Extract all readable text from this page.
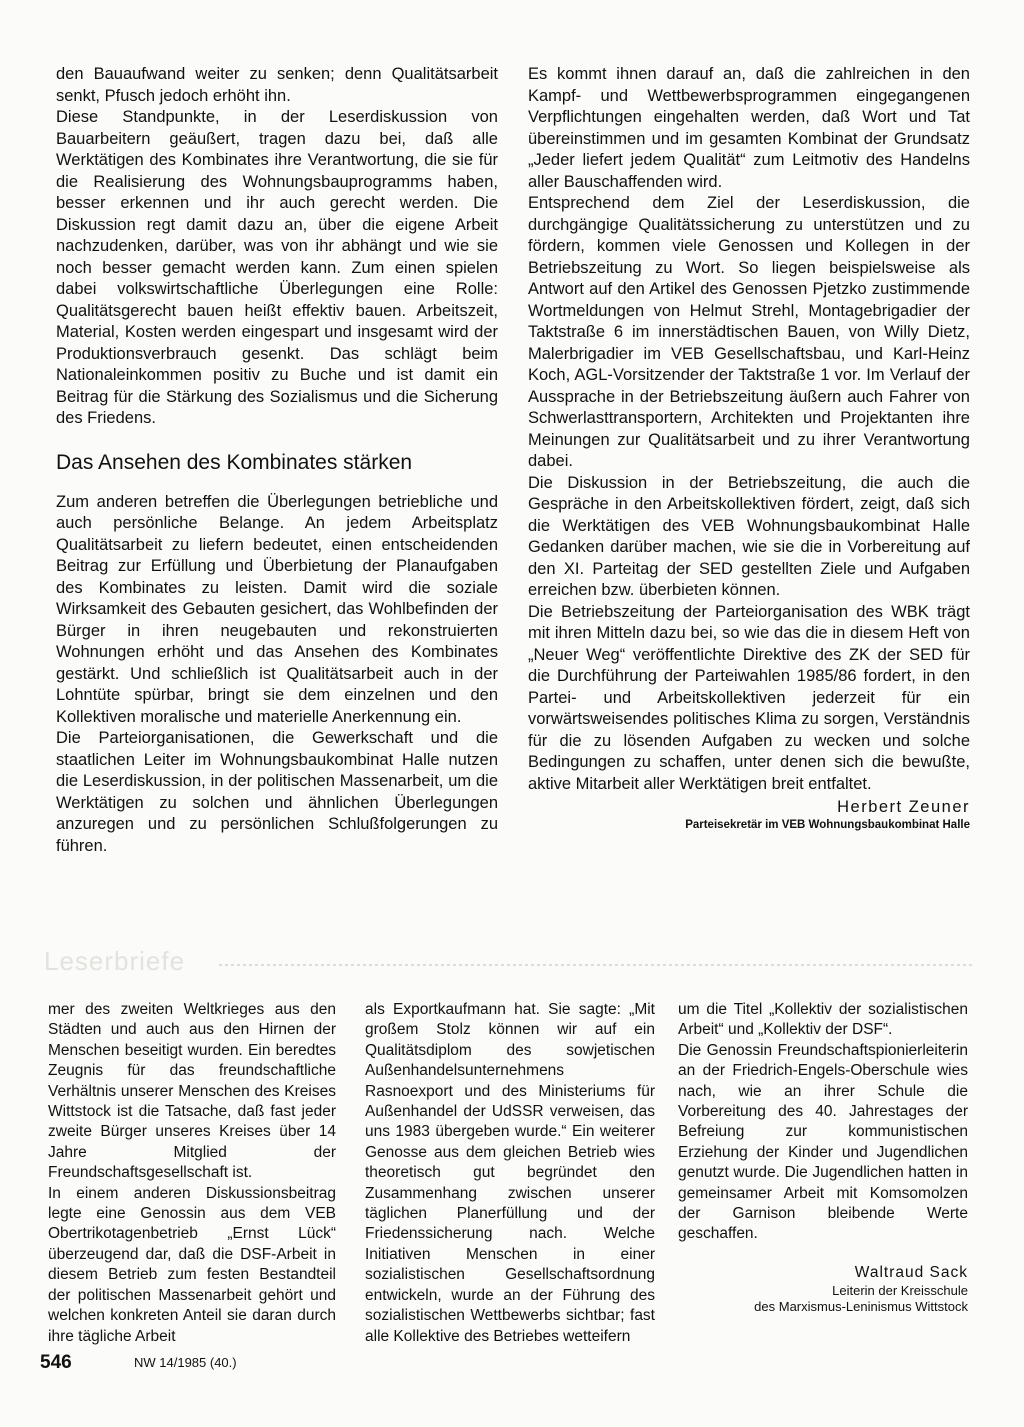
den Bauaufwand weiter zu senken; denn Qualitätsarbeit senkt, Pfusch jedoch erhöht ihn.

Diese Standpunkte, in der Leserdiskussion von Bauarbeitern geäußert, tragen dazu bei, daß alle Werktätigen des Kombinates ihre Verantwortung, die sie für die Realisierung des Wohnungsbauprogramms haben, besser erkennen und ihr auch gerecht werden. Die Diskussion regt damit dazu an, über die eigene Arbeit nachzudenken, darüber, was von ihr abhängt und wie sie noch besser gemacht werden kann. Zum einen spielen dabei volkswirtschaftliche Überlegungen eine Rolle: Qualitätsgerecht bauen heißt effektiv bauen. Arbeitszeit, Material, Kosten werden eingespart und insgesamt wird der Produktionsverbrauch gesenkt. Das schlägt beim Nationaleinkommen positiv zu Buche und ist damit ein Beitrag für die Stärkung des Sozialismus und die Sicherung des Friedens.

Das Ansehen des Kombinates stärken

Zum anderen betreffen die Überlegungen betriebliche und auch persönliche Belange. An jedem Arbeitsplatz Qualitätsarbeit zu liefern bedeutet, einen entscheidenden Beitrag zur Erfüllung und Überbietung der Planaufgaben des Kombinates zu leisten. Damit wird die soziale Wirksamkeit des Gebauten gesichert, das Wohlbefinden der Bürger in ihren neugebauten und rekonstruierten Wohnungen erhöht und das Ansehen des Kombinates gestärkt. Und schließlich ist Qualitätsarbeit auch in der Lohntüte spürbar, bringt sie dem einzelnen und den Kollektiven moralische und materielle Anerkennung ein.

Die Parteiorganisationen, die Gewerkschaft und die staatlichen Leiter im Wohnungsbaukombinat Halle nutzen die Leserdiskussion, in der politischen Massenarbeit, um die Werktätigen zu solchen und ähnlichen Überlegungen anzuregen und zu persönlichen Schlußfolgerungen zu führen.

Es kommt ihnen darauf an, daß die zahlreichen in den Kampf- und Wettbewerbsprogrammen eingegangenen Verpflichtungen eingehalten werden, daß Wort und Tat übereinstimmen und im gesamten Kombinat der Grundsatz „Jeder liefert jedem Qualität“ zum Leitmotiv des Handelns aller Bauschaffenden wird.

Entsprechend dem Ziel der Leserdiskussion, die durchgängige Qualitätssicherung zu unterstützen und zu fördern, kommen viele Genossen und Kollegen in der Betriebszeitung zu Wort. So liegen beispielsweise als Antwort auf den Artikel des Genossen Pjetzko zustimmende Wortmeldungen von Helmut Strehl, Montagebrigadier der Taktstraße 6 im innerstädtischen Bauen, von Willy Dietz, Malerbrigadier im VEB Gesellschaftsbau, und Karl-Heinz Koch, AGL-Vorsitzender der Taktstraße 1 vor. Im Verlauf der Aussprache in der Betriebszeitung äußern auch Fahrer von Schwerlasttransportern, Architekten und Projektanten ihre Meinungen zur Qualitätsarbeit und zu ihrer Verantwortung dabei.

Die Diskussion in der Betriebszeitung, die auch die Gespräche in den Arbeitskollektiven fördert, zeigt, daß sich die Werktätigen des VEB Wohnungsbaukombinat Halle Gedanken darüber machen, wie sie die in Vorbereitung auf den XI. Parteitag der SED gestellten Ziele und Aufgaben erreichen bzw. überbieten können.

Die Betriebszeitung der Parteiorganisation des WBK trägt mit ihren Mitteln dazu bei, so wie das die in diesem Heft von „Neuer Weg“ veröffentlichte Direktive des ZK der SED für die Durchführung der Parteiwahlen 1985/86 fordert, in den Partei- und Arbeitskollektiven jederzeit für ein vorwärtsweisendes politisches Klima zu sorgen, Verständnis für die zu lösenden Aufgaben zu wecken und solche Bedingungen zu schaffen, unter denen sich die bewußte, aktive Mitarbeit aller Werktätigen breit entfaltet.

Herbert Zeuner
Parteisekretär im VEB Wohnungsbaukombinat Halle
Leserbriefe

mer des zweiten Weltkrieges aus den Städten und auch aus den Hirnen der Menschen beseitigt wurden. Ein beredtes Zeugnis für das freundschaftliche Verhältnis unserer Menschen des Kreises Wittstock ist die Tatsache, daß fast jeder zweite Bürger unseres Kreises über 14 Jahre Mitglied der Freundschaftsgesellschaft ist.

In einem anderen Diskussionsbeitrag legte eine Genossin aus dem VEB Obertrikotagenbetrieb „Ernst Lück“ überzeugend dar, daß die DSF-Arbeit in diesem Betrieb zum festen Bestandteil der politischen Massenarbeit gehört und welchen konkreten Anteil sie daran durch ihre tägliche Arbeit

als Exportkaufmann hat. Sie sagte: „Mit großem Stolz können wir auf ein Qualitätsdiplom des sowjetischen Außenhandelsunternehmens Rasnoexport und des Ministeriums für Außenhandel der UdSSR verweisen, das uns 1983 übergeben wurde.“ Ein weiterer Genosse aus dem gleichen Betrieb wies theoretisch gut begründet den Zusammenhang zwischen unserer täglichen Planerfüllung und der Friedenssicherung nach. Welche Initiativen Menschen in einer sozialistischen Gesellschaftsordnung entwickeln, wurde an der Führung des sozialistischen Wettbewerbs sichtbar; fast alle Kollektive des Betriebes wetteifern

um die Titel „Kollektiv der sozialistischen Arbeit“ und „Kollektiv der DSF“.

Die Genossin Freundschaftspionierleiterin an der Friedrich-Engels-Oberschule wies nach, wie an ihrer Schule die Vorbereitung des 40. Jahrestages der Befreiung zur kommunistischen Erziehung der Kinder und Jugendlichen genutzt wurde. Die Jugendlichen hatten in gemeinsamer Arbeit mit Komsomolzen der Garnison bleibende Werte geschaffen.

Waltraud Sack
Leiterin der Kreisschule
des Marxismus-Leninismus Wittstock
546	NW 14/1985 (40.)
